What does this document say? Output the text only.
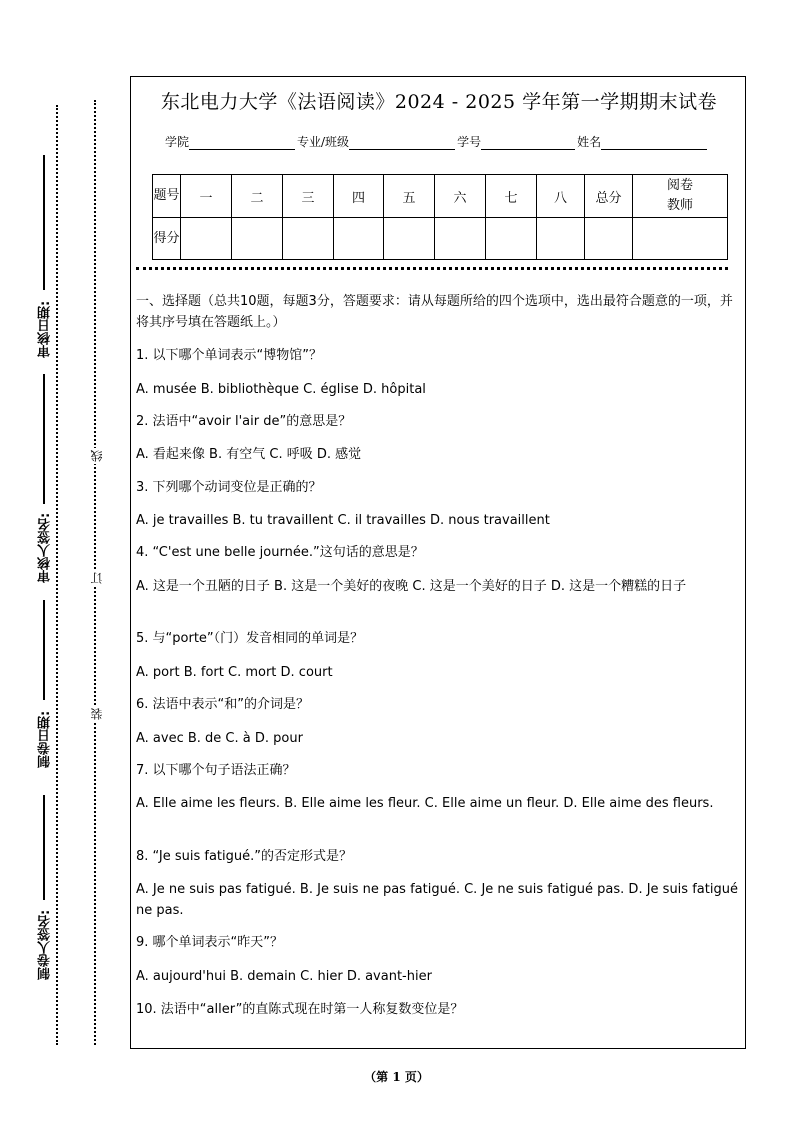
审核日期:
审核人签名:
制卷日期:
制卷人签名:
线
订
装
东北电力大学《法语阅读》2024 - 2025 学年第一学期期末试卷
学院	专业/班级	学号	姓名
题号	一	二	三	四	五	六	七	八	总分	阅卷教师
得分										

一、选择题（总共10题，每题3分，答题要求：请从每题所给的四个选项中，选出最符合题意的一项，并将其序号填在答题纸上。）

1. 以下哪个单词表示“博物馆”？

A. musée B. bibliothèque C. église D. hôpital

2. 法语中“avoir l'air de”的意思是？

A. 看起来像 B. 有空气 C. 呼吸 D. 感觉

3. 下列哪个动词变位是正确的？

A. je travailles B. tu travaillent C. il travailles D. nous travaillent

4. “C'est une belle journée.”这句话的意思是？

A. 这是一个丑陋的日子 B. 这是一个美好的夜晚 C. 这是一个美好的日子 D. 这是一个糟糕的日子

5. 与“porte”（门）发音相同的单词是？

A. port B. fort C. mort D. court

6. 法语中表示“和”的介词是？

A. avec B. de C. à D. pour

7. 以下哪个句子语法正确？

A. Elle aime les fleurs. B. Elle aime les fleur. C. Elle aime un fleur. D. Elle aime des fleurs.

8. “Je suis fatigué.”的否定形式是？

A. Je ne suis pas fatigué. B. Je suis ne pas fatigué. C. Je ne suis fatigué pas. D. Je suis fatigué ne pas.

9. 哪个单词表示“昨天”？

A. aujourd'hui B. demain C. hier D. avant-hier

10. 法语中“aller”的直陈式现在时第一人称复数变位是？

（第 1 页）
